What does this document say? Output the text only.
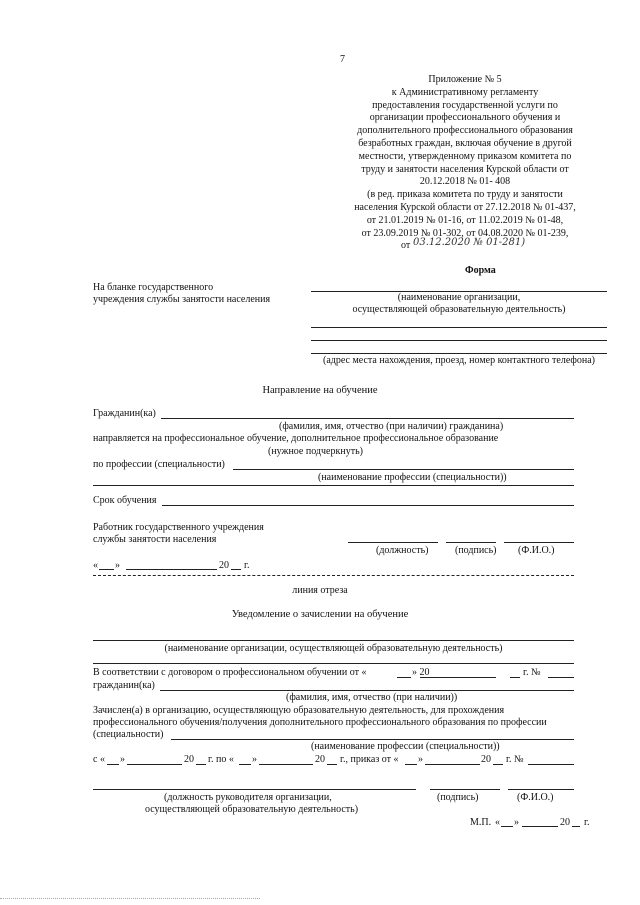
7
Приложение № 5
к Административному регламенту
предоставления государственной услуги по
организации профессионального обучения и
дополнительного профессионального образования
безработных граждан, включая обучение в другой
местности, утвержденному приказом комитета по
труду и занятости населения Курской области от
20.12.2018 № 01- 408
(в ред. приказа комитета по труду и занятости
населения Курской области от 27.12.2018 № 01-437,
от 21.01.2019 № 01-16, от 11.02.2019 № 01-48,
от 23.09.2019 № 01-302, от 04.08.2020 № 01-239,
от 03.12.2020 № 01-281)
Форма
На бланке государственного
учреждения службы занятости населения	(наименование организации,
осуществляющей образовательную деятельность)
(адрес места нахождения, проезд, номер контактного телефона)
Направление на обучение
Гражданин(ка)
(фамилия, имя, отчество (при наличии) гражданина)
направляется на профессиональное обучение, дополнительное профессиональное образование
(нужное подчеркнуть)
по профессии (специальности)
(наименование профессии (специальности))
Срок обучения
Работник государственного учреждения
службы занятости населения
(должность)	(подпись) (Ф.И.О.)
« »	20 г.
линия отреза
Уведомление о зачислении на обучение
(наименование организации, осуществляющей образовательную деятельность)
В соответствии с договором о профессиональном обучении от «	» 20	г. №
гражданин(ка)
(фамилия, имя, отчество (при наличии))
Зачислен(а) в организацию, осуществляющую образовательную деятельность, для прохождения
профессионального обучения/получения дополнительного профессионального образования по профессии
(специальности)
(наименование профессии (специальности))
с « »	20 г. по « »	20 г., приказ от « »	20 г. №
(должность руководителя организации,
осуществляющей образовательную деятельность)
(подпись)	(Ф.И.О.)
М.П. « »	20 г.
